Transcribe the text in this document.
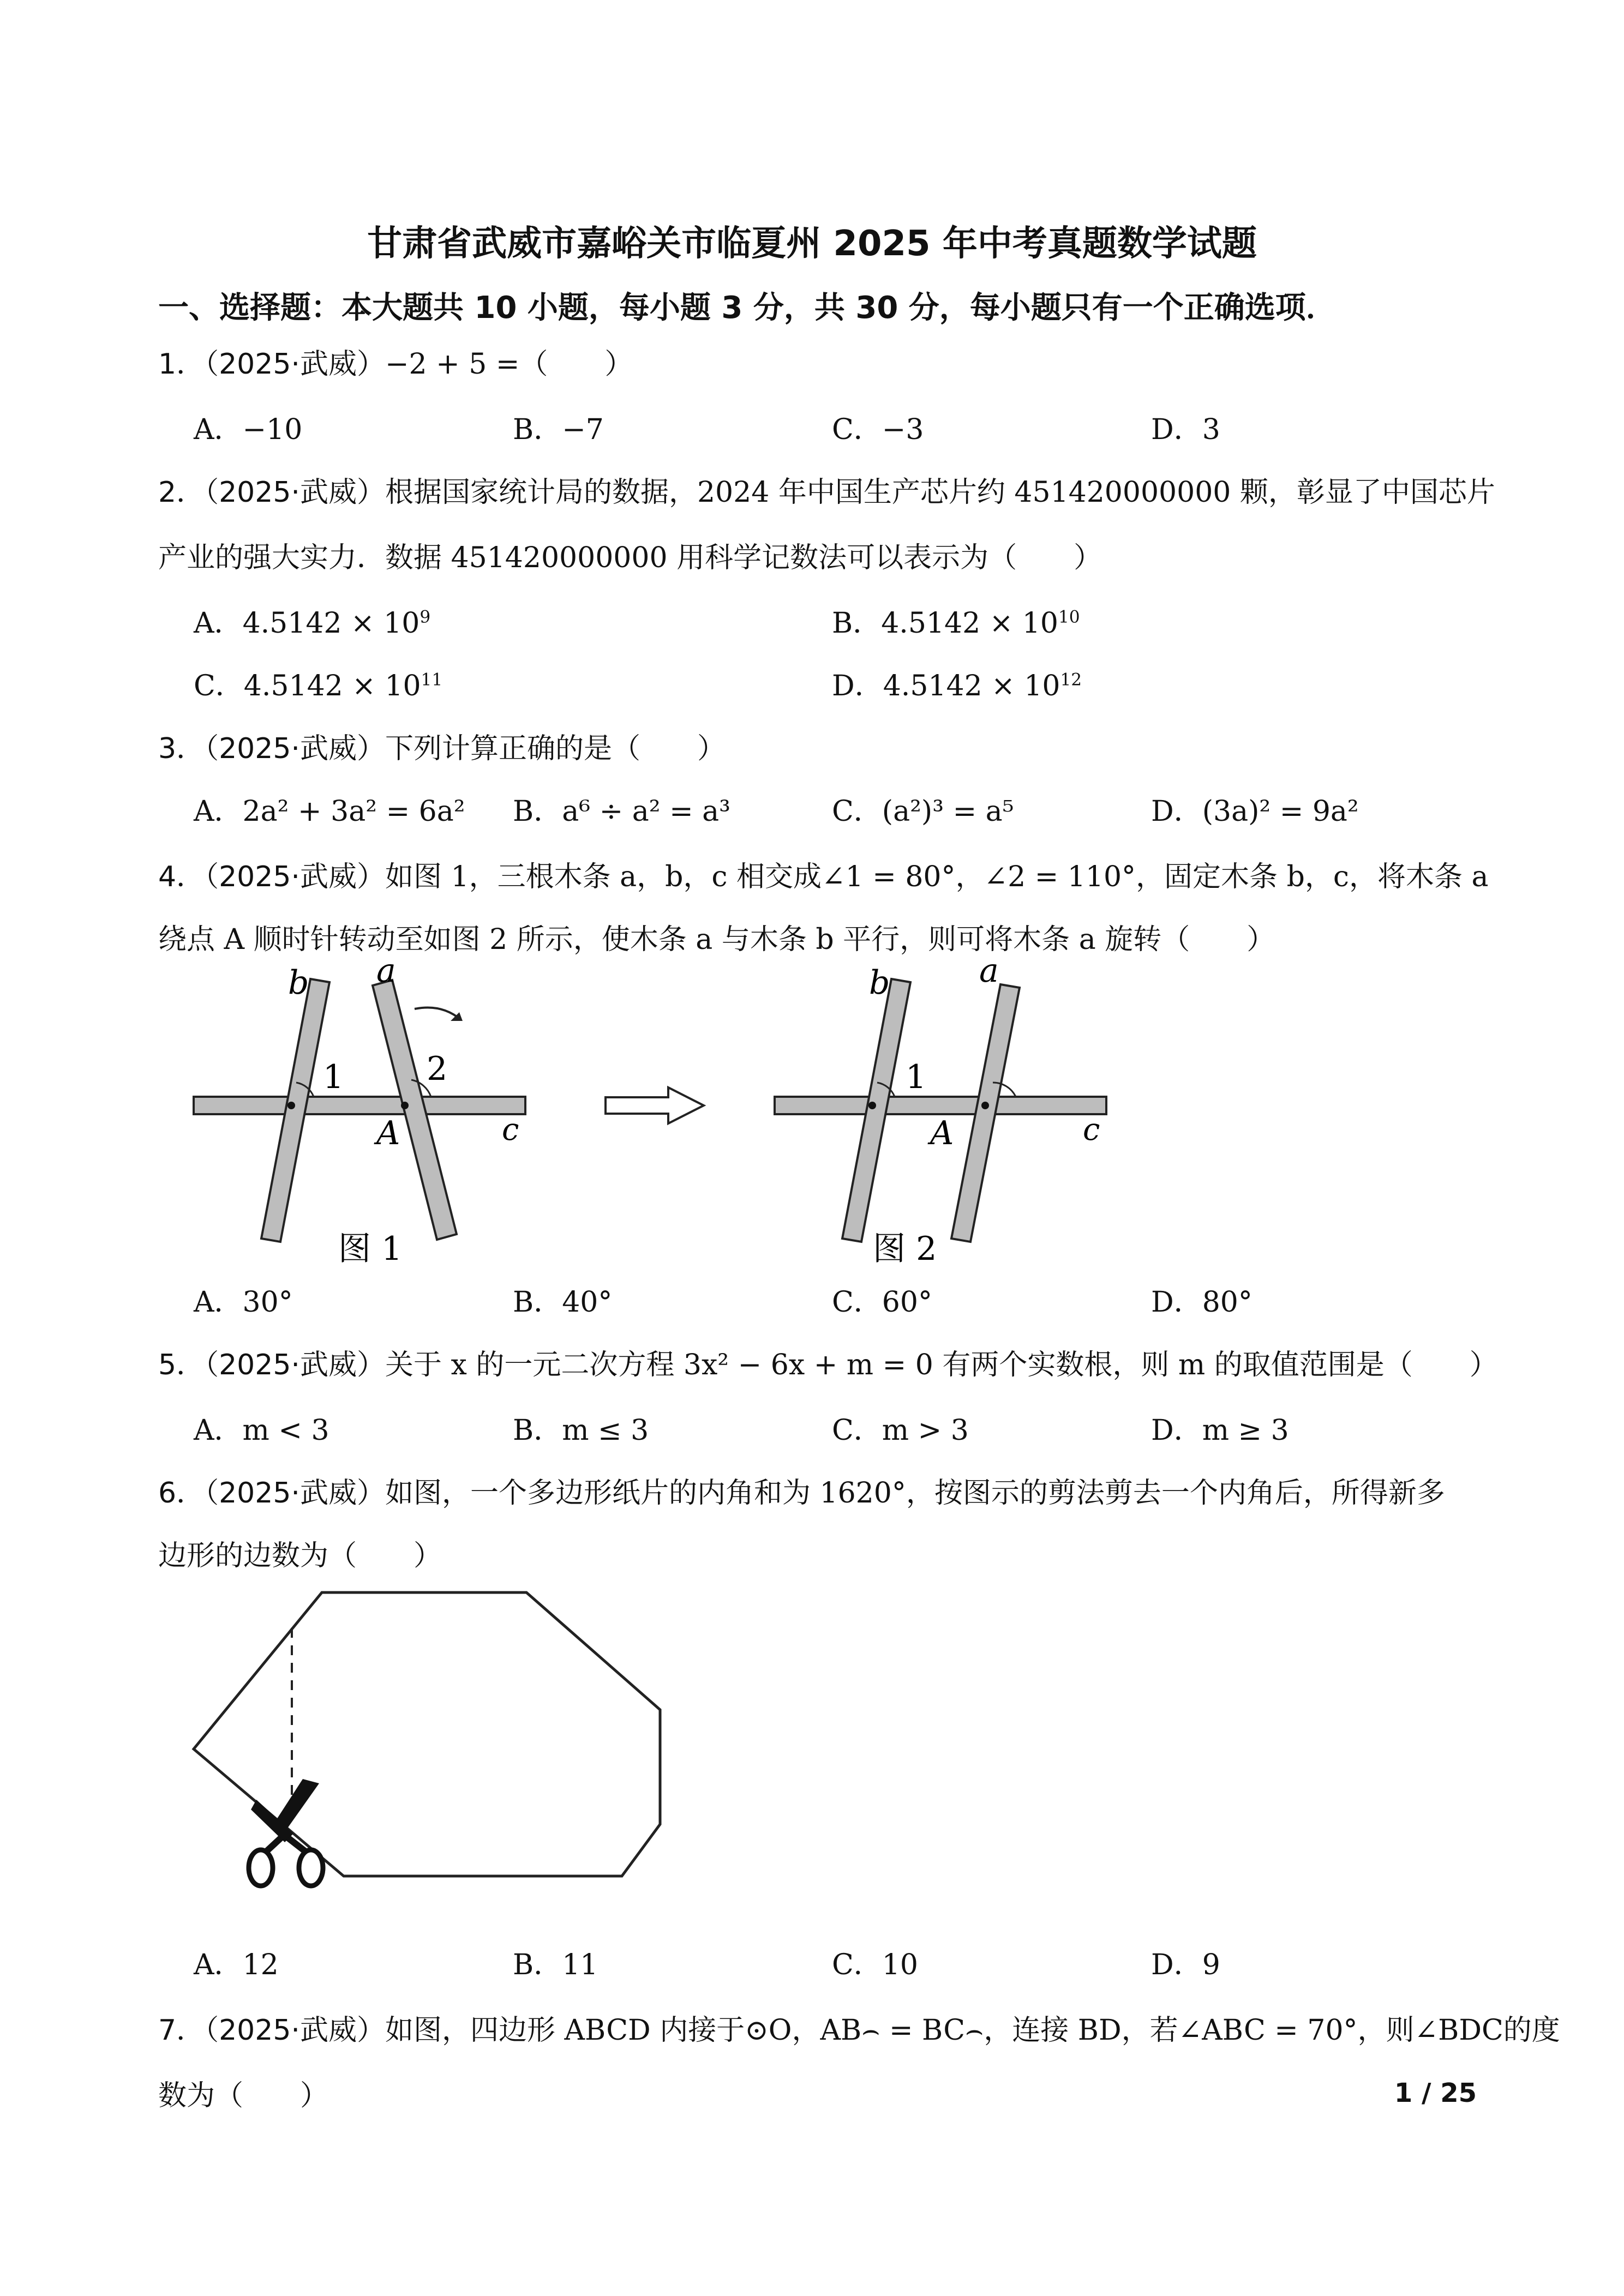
甘肃省武威市嘉峪关市临夏州 2025 年中考真题数学试题
一、选择题：本大题共 10 小题，每小题 3 分，共 30 分，每小题只有一个正确选项．
1．（2025·武威）−2 + 5 =（　　）
A．−10	B．−7	C．−3	D．3
2．（2025·武威）根据国家统计局的数据，2024 年中国生产芯片约 451420000000 颗，彰显了中国芯片
产业的强大实力．数据 451420000000 用科学记数法可以表示为（　　）
A．$4.5142 \times 10^9$	B．$4.5142 \times 10^{10}$
C．$4.5142 \times 10^{11}$	D．$4.5142 \times 10^{12}$
3．（2025·武威）下列计算正确的是（　　）
A．2a² + 3a² = 6a² B．a⁶ ÷ a² = a³	C．(a²)³ = a⁵	D．(3a)² = 9a²
4．（2025·武威）如图 1，三根木条 a，b，c 相交成∠1 = 80°，∠2 = 110°，固定木条 b，c，将木条 a
绕点 A 顺时针转动至如图 2 所示，使木条 a 与木条 b 平行，则可将木条 a 旋转（　　）
b a
1	2
A	c
图 1
b	a
1
A	c
图 2
A．30°	B．40°	C．60°	D．80°
5．（2025·武威）关于 x 的一元二次方程 3x² − 6x + m = 0 有两个实数根，则 m 的取值范围是（　　）
A．m < 3	B．m ≤ 3	C．m > 3	D．m ≥ 3
6．（2025·武威）如图，一个多边形纸片的内角和为 1620°，按图示的剪法剪去一个内角后，所得新多
边形的边数为（　　）
A．12	B．11	C．10	D．9
7．（2025·武威）如图，四边形 ABCD 内接于⊙O，AB⌢ = BC⌢，连接 BD，若∠ABC = 70°，则∠BDC的度
数为（　　）	1 / 25
